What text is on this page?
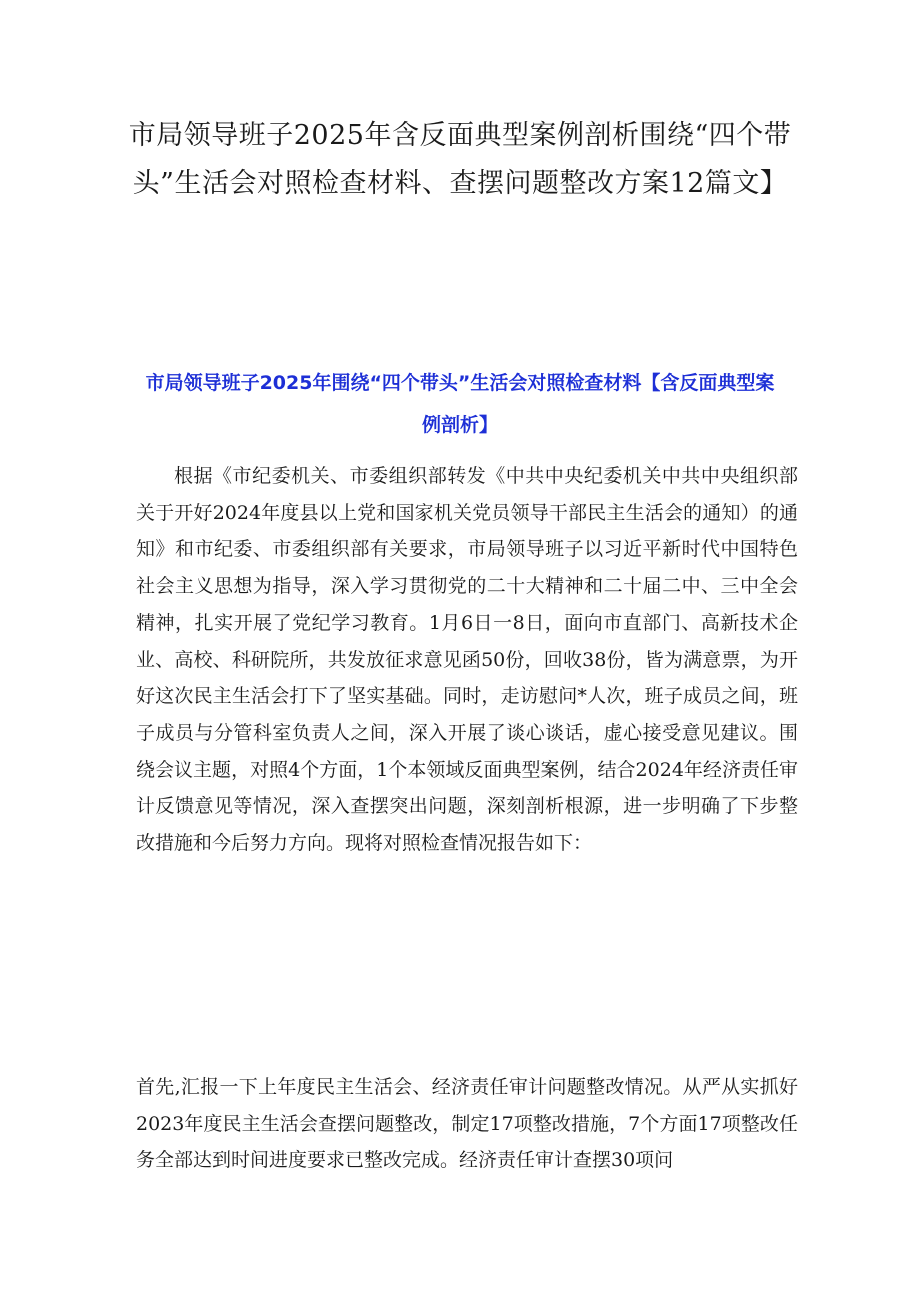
市局领导班子2025年含反面典型案例剖析围绕“四个带头”生活会对照检查材料、查摆问题整改方案12篇文】
市局领导班子2025年围绕“四个带头”生活会对照检查材料【含反面典型案例剖析】

根据《市纪委机关、市委组织部转发《中共中央纪委机关中共中央组织部关于开好2024年度县以上党和国家机关党员领导干部民主生活会的通知）的通知》和市纪委、市委组织部有关要求，市局领导班子以习近平新时代中国特色社会主义思想为指导，深入学习贯彻党的二十大精神和二十届二中、三中全会精神，扎实开展了党纪学习教育。1月6日一8日，面向市直部门、高新技术企业、高校、科研院所，共发放征求意见函50份，回收38份，皆为满意票，为开好这次民主生活会打下了坚实基础。同时，走访慰问*人次，班子成员之间，班子成员与分管科室负责人之间，深入开展了谈心谈话，虚心接受意见建议。围绕会议主题，对照4个方面，1个本领域反面典型案例，结合2024年经济责任审计反馈意见等情况，深入查摆突出问题，深刻剖析根源，进一步明确了下步整改措施和今后努力方向。现将对照检查情况报告如下：

首先,汇报一下上年度民主生活会、经济责任审计问题整改情况。从严从实抓好2023年度民主生活会查摆问题整改，制定17项整改措施，7个方面17项整改任务全部达到时间进度要求已整改完成。经济责任审计查摆30项问
